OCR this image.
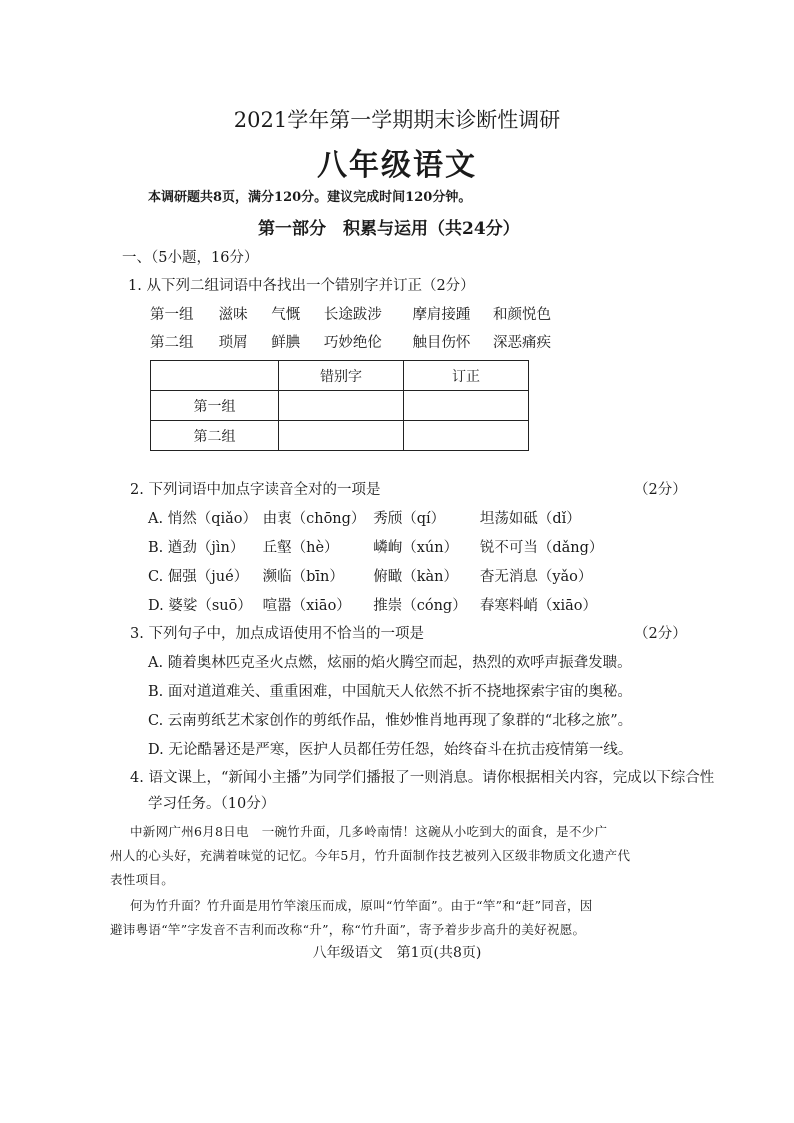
2021学年第一学期期末诊断性调研
八年级语文
本调研题共8页，满分120分。建议完成时间120分钟。
第一部分　积累与运用（共24分）
一、（5小题，16分）
1. 从下列二组词语中各找出一个错别字并订正（2分）
第一组 滋味 气慨 长途跋涉 摩肩接踵 和颜悦色
第二组 琐屑 鲜腆 巧妙绝伦 触目伤怀 深恶痛疾
	错别字	订正
第一组		
第二组		
2. 下列词语中加点字读音全对的一项是	（2分）
A. 悄然（qiǎo） 由衷（chōng） 秀颀（qí） 坦荡如砥（dǐ）
B. 遒劲（jìn） 丘壑（hè） 嶙峋（xún） 锐不可当（dǎng）
C. 倔强（jué） 濒临（bīn） 俯瞰（kàn） 杳无消息（yǎo）
D. 婆娑（suō） 喧嚣（xiāo） 推崇（cóng） 春寒料峭（xiāo）
3. 下列句子中，加点成语使用不恰当的一项是	（2分）
A. 随着奥林匹克圣火点燃，炫丽的焰火腾空而起，热烈的欢呼声振聋发聩。
B. 面对道道难关、重重困难，中国航天人依然不折不挠地探索宇宙的奥秘。
C. 云南剪纸艺术家创作的剪纸作品，惟妙惟肖地再现了象群的“北移之旅”。
D. 无论酷暑还是严寒，医护人员都任劳任怨，始终奋斗在抗击疫情第一线。
4. 语文课上，“新闻小主播”为同学们播报了一则消息。请你根据相关内容，完成以下综合性
学习任务。（10分）
中新网广州6月8日电　一碗竹升面，几多岭南情！这碗从小吃到大的面食，是不少广
州人的心头好，充满着味觉的记忆。今年5月，竹升面制作技艺被列入区级非物质文化遗产代
表性项目。
何为竹升面？竹升面是用竹竿滚压而成，原叫“竹竿面”。由于“竿”和“赶”同音，因
避讳粤语“竿”字发音不吉利而改称“升”，称“竹升面”，寄予着步步高升的美好祝愿。
八年级语文　第1页(共8页)
